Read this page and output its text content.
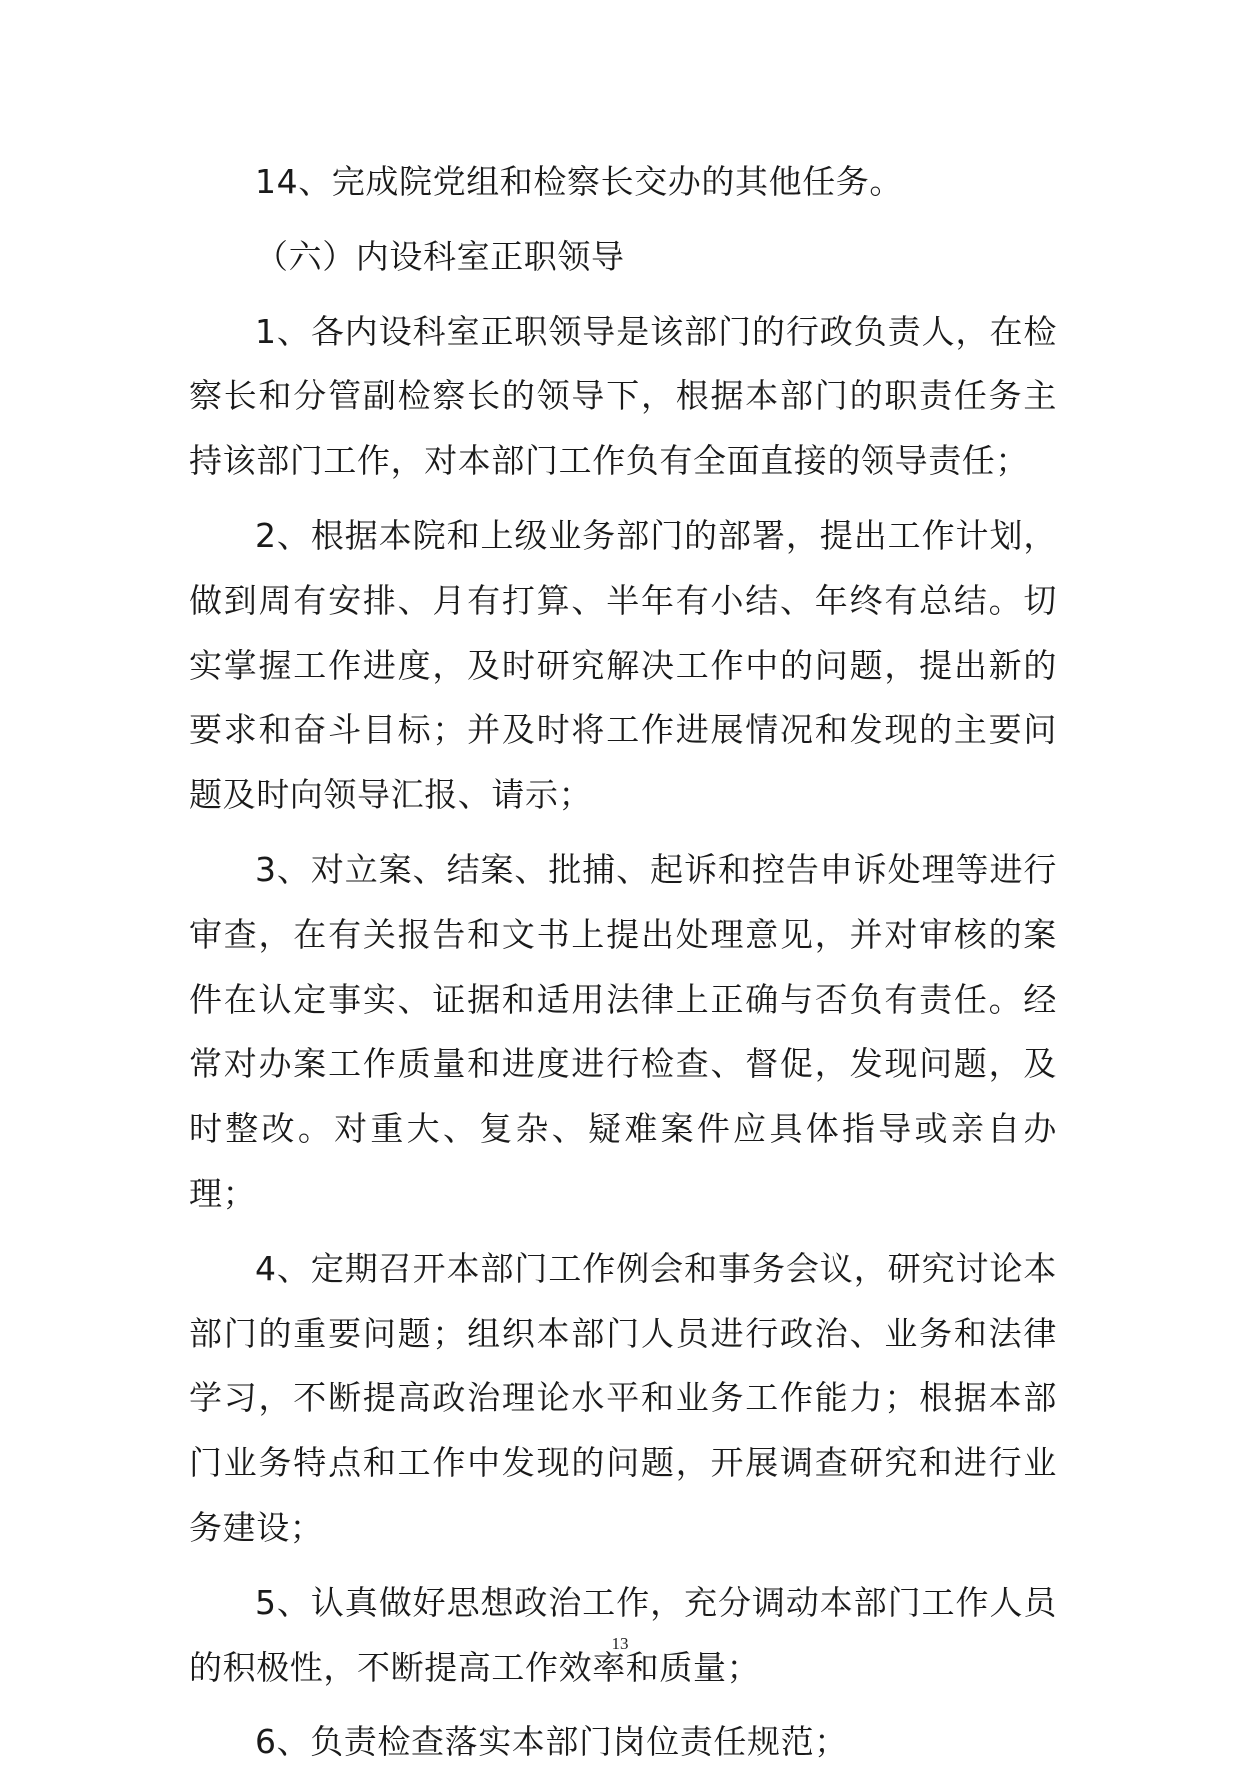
14、完成院党组和检察长交办的其他任务。

（六）内设科室正职领导

1、各内设科室正职领导是该部门的行政负责人，在检察长和分管副检察长的领导下，根据本部门的职责任务主持该部门工作，对本部门工作负有全面直接的领导责任；

2、根据本院和上级业务部门的部署，提出工作计划，做到周有安排、月有打算、半年有小结、年终有总结。切实掌握工作进度，及时研究解决工作中的问题，提出新的要求和奋斗目标；并及时将工作进展情况和发现的主要问题及时向领导汇报、请示；

3、对立案、结案、批捕、起诉和控告申诉处理等进行审查，在有关报告和文书上提出处理意见，并对审核的案件在认定事实、证据和适用法律上正确与否负有责任。经常对办案工作质量和进度进行检查、督促，发现问题，及时整改。对重大、复杂、疑难案件应具体指导或亲自办理；

4、定期召开本部门工作例会和事务会议，研究讨论本部门的重要问题；组织本部门人员进行政治、业务和法律学习，不断提高政治理论水平和业务工作能力；根据本部门业务特点和工作中发现的问题，开展调查研究和进行业务建设；

5、认真做好思想政治工作，充分调动本部门工作人员的积极性，不断提高工作效率和质量；

6、负责检查落实本部门岗位责任规范；

13
